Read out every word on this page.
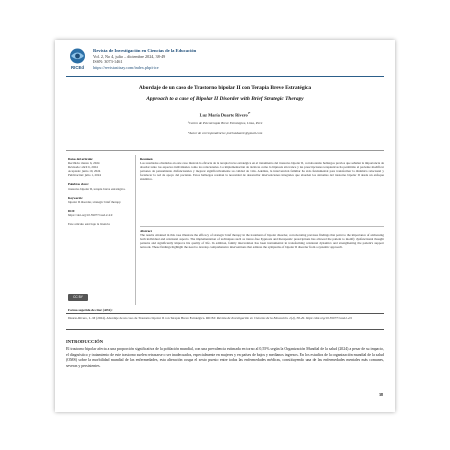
RICEd
Revista de Investigación en Ciencias de la Educación
Vol. 2, No 4, julio – diciembre 2024, 38-49
ISSN: 3073-1461
https://revistasitsay.com/index.php/rice
Abordaje de un caso de Trastorno bipolar II con Terapia Breve Estratégica
Approach to a case of Bipolar II Disorder with Brief Strategic Therapy
Luz María Duarte Rivero$^{1*}$
¹Centro de Psicoterapia Breve Estratégica, Lima, Perú
*Autor de correspondencia: psicluzduarte@gmail.com
Datos del artículo:
Recibido: marzo 6, 2024
Revisado: abril 6, 2024
Aceptado: junio 10, 2024
Publicación: julio 1, 2024
Palabras clave:
trastorno bipolar II, terapia breve estratégica.
Keywords:
bipolar II disorder, strategic brief therapy.
DOI:
https://doi.org/10.59077/rosd.2.4.9
Este artículo está bajo la licencia
CC BY
Resumen
Los resultados obtenidos en este caso ilustran la eficacia de la terapia breve estratégica en el tratamiento del trastorno bipolar II, corroborando hallazgos previos que señalan la importancia de abordar tanto los aspectos individuales como los relacionales. La implementación de técnicas como la hipnosis sin trance y las prescripciones terapéuticas ha permitido al paciente modificar patrones de pensamiento disfuncionales y mejorar significativamente su calidad de vida. Además, la intervención familiar ha sido fundamental para transformar la dinámica relacional y fortalecer la red de apoyo del paciente. Estos hallazgos resaltan la necesidad de desarrollar intervenciones integrales que aborden los síntomas del trastorno bipolar II desde un enfoque sistémico.
Abstract
The results obtained in this case illustrate the efficacy of strategic brief therapy in the treatment of bipolar disorder, corroborating previous findings that point to the importance of addressing both individual and relational aspects. The implementation of techniques such as trance-free hypnosis and therapeutic prescriptions has allowed the patient to modify dysfunctional thought patterns and significantly improve his quality of life. In addition, family intervention has been instrumental in transforming relational dynamics and strengthening the patient's support network. These findings highlight the need to develop comprehensive interventions that address the symptoms of bipolar II disorder from a systemic approach.
Forma sugerida de citar (APA):
Duarte-Rivero, L. M (2024). Abordaje de un caso de Trastorno bipolar II con Terapia Breve Estratégica. RICEd: Revista de Investigación en Ciencias de la Educación. 2(4), 38-49. https://doi.org/10.59077/rosd.2.4.9
INTRODUCCIÓN

El trastorno bipolar afecta a una proporción significativa de la población mundial, con una prevalencia estimada en torno al 0,55% según la Organización Mundial de la salud (2024) a pesar de su impacto, el diagnóstico y tratamiento de este trastorno suelen retrasarse o ser inadecuados, especialmente en mujeres y en países de bajos y medianos ingresos. En los estudios de la organización mundial de la salud (OMS) sobre la morbilidad mundial de las enfermedades, esta alteración ocupa el sexto puesto entre todas las enfermedades médicas, constituyendo una de las enfermedades mentales más comunes, severas y persistentes.

38
